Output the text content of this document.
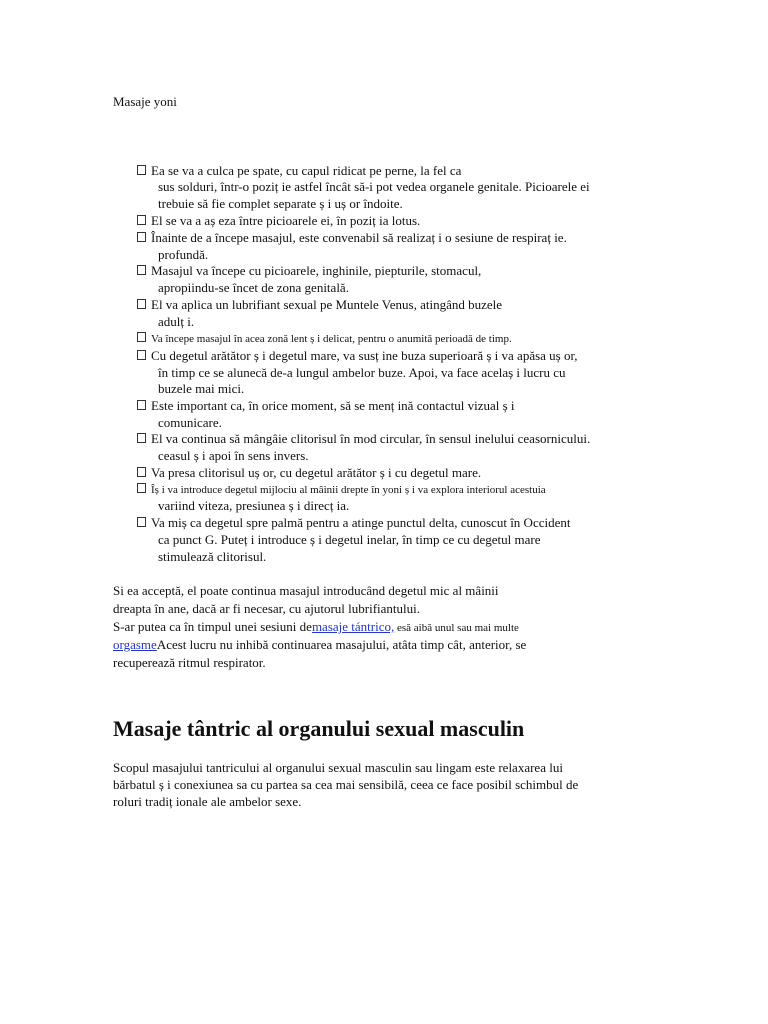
Masaje yoni
Ea se va a culca pe spate, cu capul ridicat pe perne, la fel ca
sus solduri, într-o poziț ie astfel încât să-i pot vedea organele genitale. Picioarele ei
trebuie să fie complet separate ș i uș or îndoite.
El se va a aș eza între picioarele ei, în poziț ia lotus.
Înainte de a începe masajul, este convenabil să realizaț i o sesiune de respiraț ie.
profundă.
Masajul va începe cu picioarele, inghinile, piepturile, stomacul,
apropiindu-se încet de zona genitală.
El va aplica un lubrifiant sexual pe Muntele Venus, atingând buzele
adulț i.
Va începe masajul în acea zonă lent ș i delicat, pentru o anumită perioadă de timp.
Cu degetul arătător ș i degetul mare, va susț ine buza superioară ș i va apăsa uș or,
în timp ce se alunecă de-a lungul ambelor buze. Apoi, va face acelaș i lucru cu
buzele mai mici.
Este important ca, în orice moment, să se menț ină contactul vizual ș i
comunicare.
El va continua să mângâie clitorisul în mod circular, în sensul inelului ceasornicului.
ceasul ș i apoi în sens invers.
Va presa clitorisul uș or, cu degetul arătător ș i cu degetul mare.
Îș i va introduce degetul mijlociu al mâinii drepte în yoni ș i va explora interiorul acestuia
variind viteza, presiunea ș i direcț ia.
Va miș ca degetul spre palmă pentru a atinge punctul delta, cunoscut în Occident
ca punct G. Puteț i introduce ș i degetul inelar, în timp ce cu degetul mare
stimulează clitorisul.
Si ea acceptă, el poate continua masajul introducând degetul mic al mâinii
dreapta în ane, dacă ar fi necesar, cu ajutorul lubrifiantului.
S-ar putea ca în timpul unei sesiuni demasaje tántrico, esă aibă unul sau mai multe
orgasmeAcest lucru nu inhibă continuarea masajului, atâta timp cât, anterior, se
recuperează ritmul respirator.
Masaje tântric al organului sexual masculin
Scopul masajului tantricului al organului sexual masculin sau lingam este relaxarea lui
bărbatul ș i conexiunea sa cu partea sa cea mai sensibilă, ceea ce face posibil schimbul de
roluri tradiț ionale ale ambelor sexe.
